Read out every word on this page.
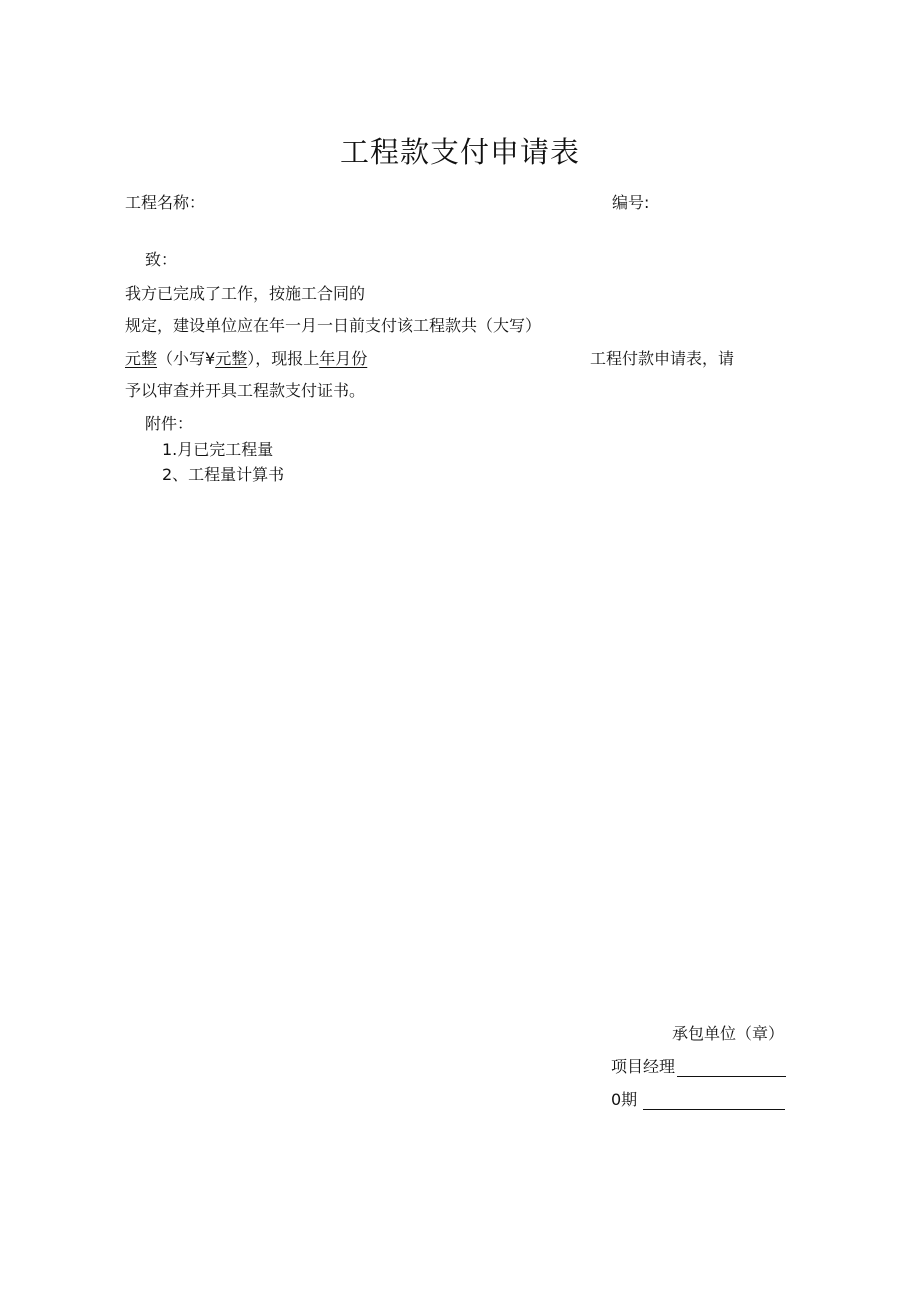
工程款支付申请表
工程名称：	编号:
致：
我方已完成了工作，按施工合同的
规定，建设单位应在年一月一日前支付该工程款共（大写）
元整（小写¥元整），现报上年月份	工程付款申请表，请
予以审查并开具工程款支付证书。
附件：
1.月已完工程量
2、工程量计算书
承包单位（章）
项目经理
0期
